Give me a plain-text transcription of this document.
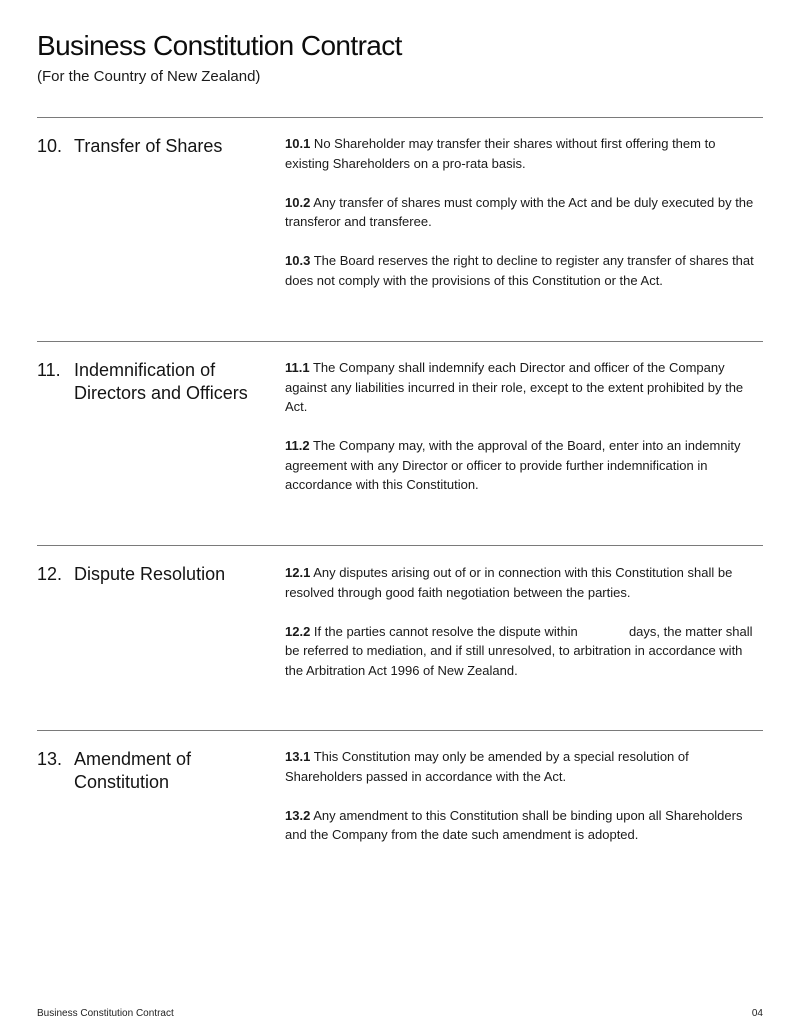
Business Constitution Contract

(For the Country of New Zealand)

10. Transfer of Shares	10.1 No Shareholder may transfer their shares without first offering them to existing Shareholders on a pro-rata basis.

10.2 Any transfer of shares must comply with the Act and be duly executed by the transferor and transferee.

10.3 The Board reserves the right to decline to register any transfer of shares that does not comply with the provisions of this Constitution or the Act.

11. Indemnification of Directors and Officers

11.1 The Company shall indemnify each Director and officer of the Company against any liabilities incurred in their role, except to the extent prohibited by the Act.

11.2 The Company may, with the approval of the Board, enter into an indemnity agreement with any Director or officer to provide further indemnification in accordance with this Constitution.

12. Dispute Resolution	12.1 Any disputes arising out of or in connection with this Constitution shall be resolved through good faith negotiation between the parties.

12.2 If the parties cannot resolve the dispute within	days, the matter shall be referred to mediation, and if still unresolved, to arbitration in accordance with the Arbitration Act 1996 of New Zealand.

13. Amendment of Constitution

13.1 This Constitution may only be amended by a special resolution of Shareholders passed in accordance with the Act.

13.2 Any amendment to this Constitution shall be binding upon all Shareholders and the Company from the date such amendment is adopted.

Business Constitution Contract	04
